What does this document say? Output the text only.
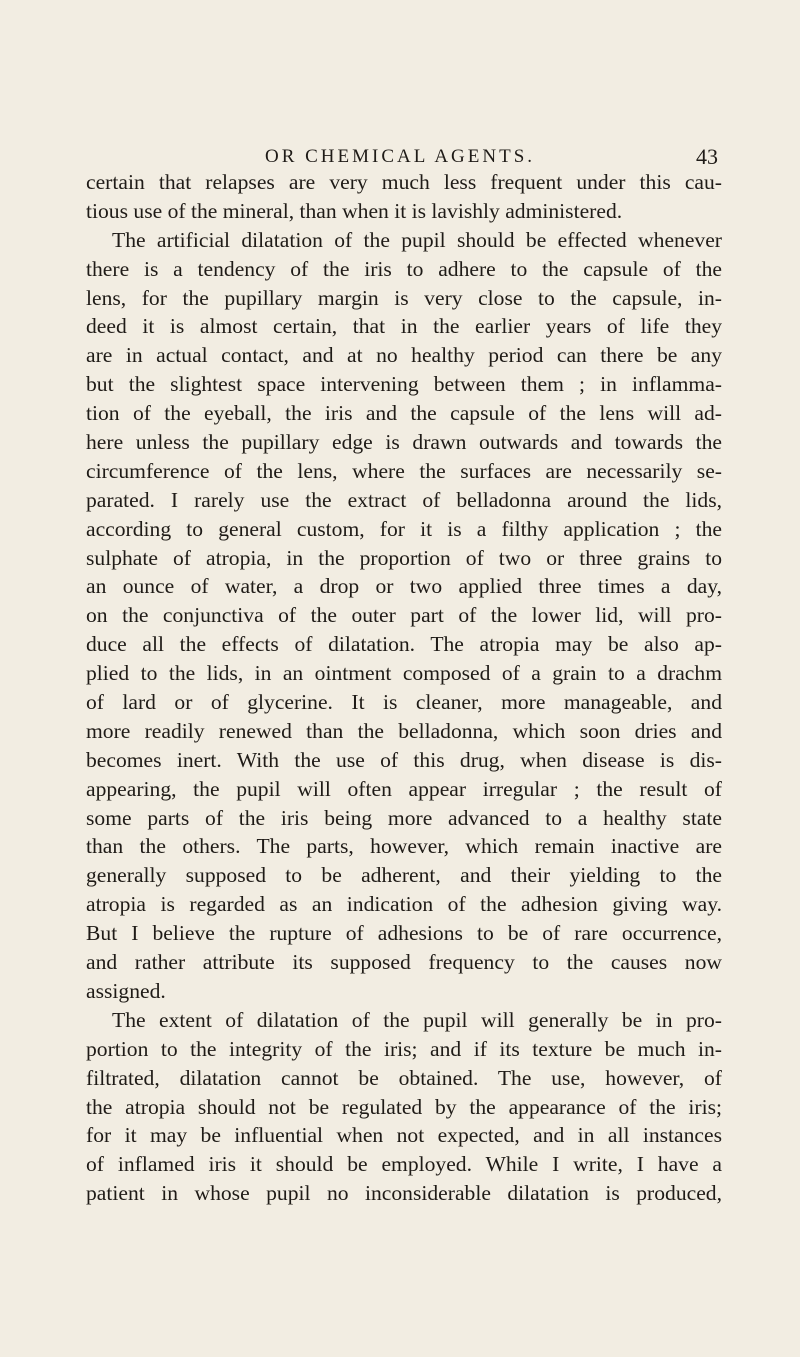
OR CHEMICAL AGENTS.	43
certain that relapses are very much less frequent under this cau-
tious use of the mineral, than when it is lavishly administered.
The artificial dilatation of the pupil should be effected whenever
there is a tendency of the iris to adhere to the capsule of the
lens, for the pupillary margin is very close to the capsule, in-
deed it is almost certain, that in the earlier years of life they
are in actual contact, and at no healthy period can there be any
but the slightest space intervening between them ; in inflamma-
tion of the eyeball, the iris and the capsule of the lens will ad-
here unless the pupillary edge is drawn outwards and towards the
circumference of the lens, where the surfaces are necessarily se-
parated. I rarely use the extract of belladonna around the lids,
according to general custom, for it is a filthy application ; the
sulphate of atropia, in the proportion of two or three grains to
an ounce of water, a drop or two applied three times a day,
on the conjunctiva of the outer part of the lower lid, will pro-
duce all the effects of dilatation. The atropia may be also ap-
plied to the lids, in an ointment composed of a grain to a drachm
of lard or of glycerine. It is cleaner, more manageable, and
more readily renewed than the belladonna, which soon dries and
becomes inert. With the use of this drug, when disease is dis-
appearing, the pupil will often appear irregular ; the result of
some parts of the iris being more advanced to a healthy state
than the others. The parts, however, which remain inactive are
generally supposed to be adherent, and their yielding to the
atropia is regarded as an indication of the adhesion giving way.
But I believe the rupture of adhesions to be of rare occurrence,
and rather attribute its supposed frequency to the causes now
assigned.
The extent of dilatation of the pupil will generally be in pro-
portion to the integrity of the iris; and if its texture be much in-
filtrated, dilatation cannot be obtained. The use, however, of
the atropia should not be regulated by the appearance of the iris;
for it may be influential when not expected, and in all instances
of inflamed iris it should be employed. While I write, I have a
patient in whose pupil no inconsiderable dilatation is produced,
